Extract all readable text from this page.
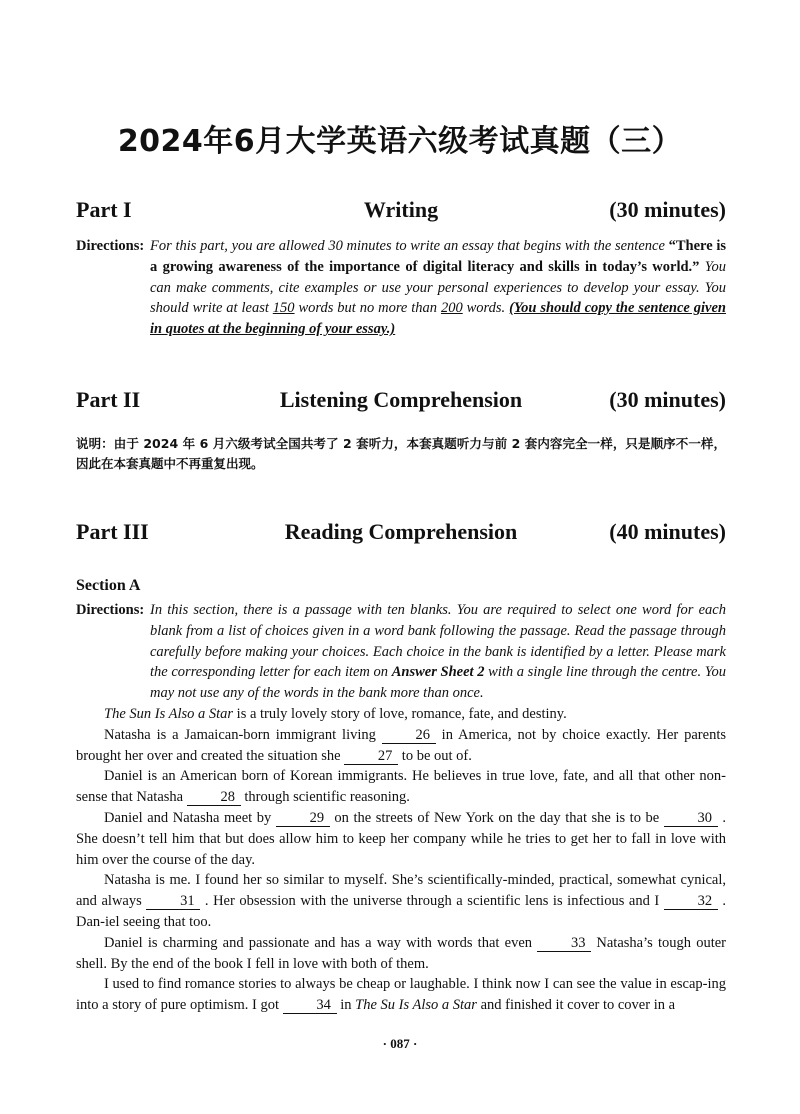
2024年6月大学英语六级考试真题（三）
Part I	Writing	(30 minutes)
Directions: For this part, you are allowed 30 minutes to write an essay that begins with the sentence “There is a growing awareness of the importance of digital literacy and skills in today’s world.” You can make comments, cite examples or use your personal experiences to develop your essay. You should write at least 150 words but no more than 200 words. (You should copy the sentence given in quotes at the beginning of your essay.)
Part II	Listening Comprehension	(30 minutes)
说明：由于 2024 年 6 月六级考试全国共考了 2 套听力，本套真题听力与前 2 套内容完全一样，只是顺序不一样，因此在本套真题中不再重复出现。
Part III	Reading Comprehension	(40 minutes)
Section A
Directions: In this section, there is a passage with ten blanks. You are required to select one word for each blank from a list of choices given in a word bank following the passage. Read the passage through carefully before making your choices. Each choice in the bank is identified by a letter. Please mark the corresponding letter for each item on Answer Sheet 2 with a single line through the centre. You may not use any of the words in the bank more than once.

The Sun Is Also a Star is a truly lovely story of love, romance, fate, and destiny.

Natasha is a Jamaican-born immigrant living 26 in America, not by choice exactly. Her parents brought her over and created the situation she 27 to be out of.

Daniel is an American born of Korean immigrants. He believes in true love, fate, and all that other non-sense that Natasha 28 through scientific reasoning.

Daniel and Natasha meet by 29 on the streets of New York on the day that she is to be 30 . She doesn’t tell him that but does allow him to keep her company while he tries to get her to fall in love with him over the course of the day.

Natasha is me. I found her so similar to myself. She’s scientifically-minded, practical, somewhat cynical, and always 31 . Her obsession with the universe through a scientific lens is infectious and I 32 . Dan-iel seeing that too.

Daniel is charming and passionate and has a way with words that even 33 Natasha’s tough outer shell. By the end of the book I fell in love with both of them.

I used to find romance stories to always be cheap or laughable. I think now I can see the value in escap-ing into a story of pure optimism. I got 34 in The Su Is Also a Star and finished it cover to cover in a

· 087 ·
